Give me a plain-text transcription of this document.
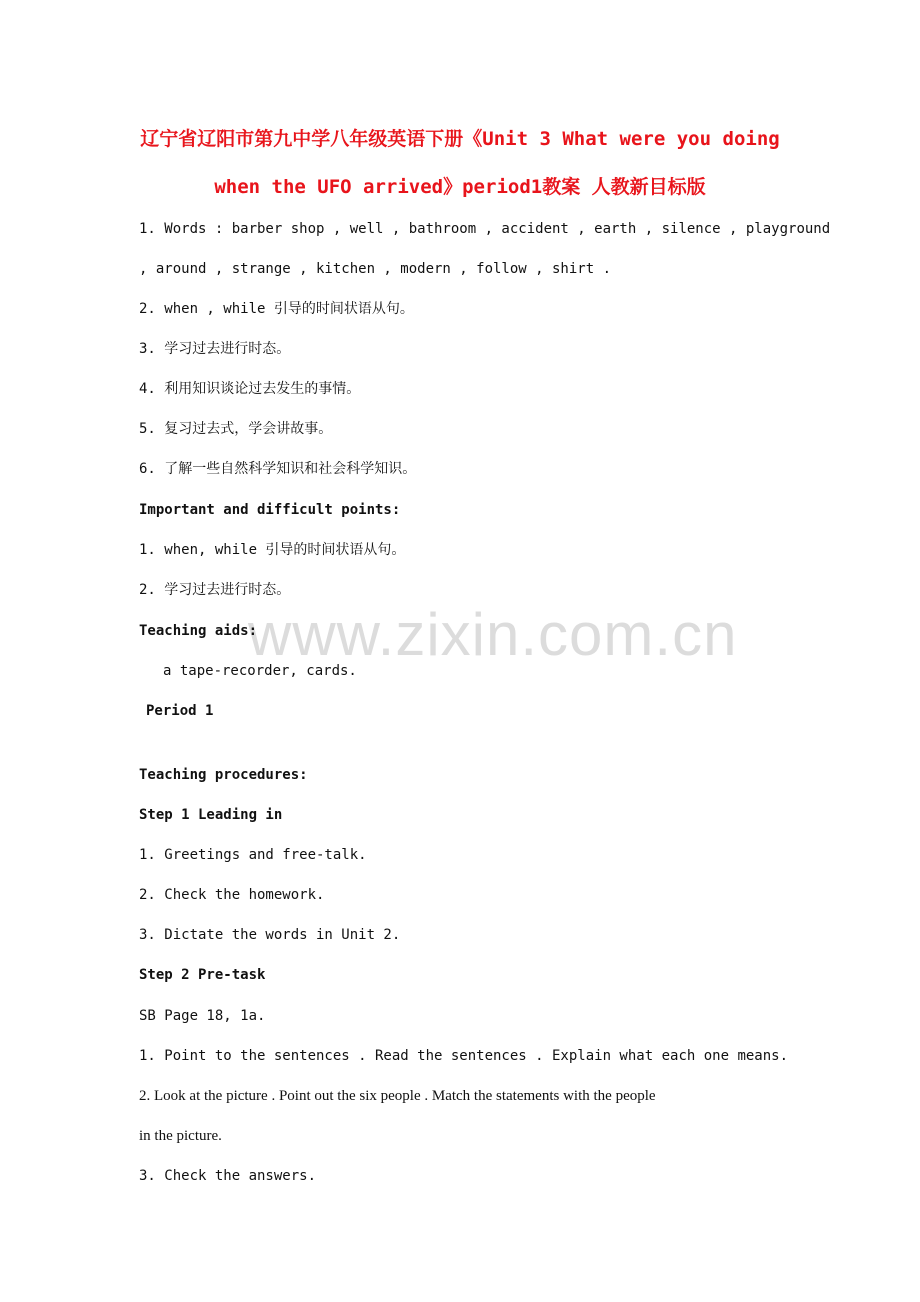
辽宁省辽阳市第九中学八年级英语下册《Unit 3 What were you doing
when the UFO arrived》period1教案 人教新目标版
1. Words : barber shop , well , bathroom , accident , earth , silence , playground
, around , strange , kitchen , modern , follow , shirt .
2. when , while 引导的时间状语从句。
3. 学习过去进行时态。
4. 利用知识谈论过去发生的事情。
5. 复习过去式，学会讲故事。
6. 了解一些自然科学知识和社会科学知识。
Important and difficult points:
1. when, while 引导的时间状语从句。
2. 学习过去进行时态。
www.zixin.com.cn
Teaching aids:
a tape-recorder, cards.
Period 1
Teaching procedures:
Step 1 Leading in
1. Greetings and free-talk.
2. Check the homework.
3. Dictate the words in Unit 2.
Step 2 Pre-task
SB Page 18, 1a.
1. Point to the sentences . Read the sentences . Explain what each one means.
2. Look at the picture . Point out the six people . Match the statements with the people
in the picture.
3. Check the answers.
